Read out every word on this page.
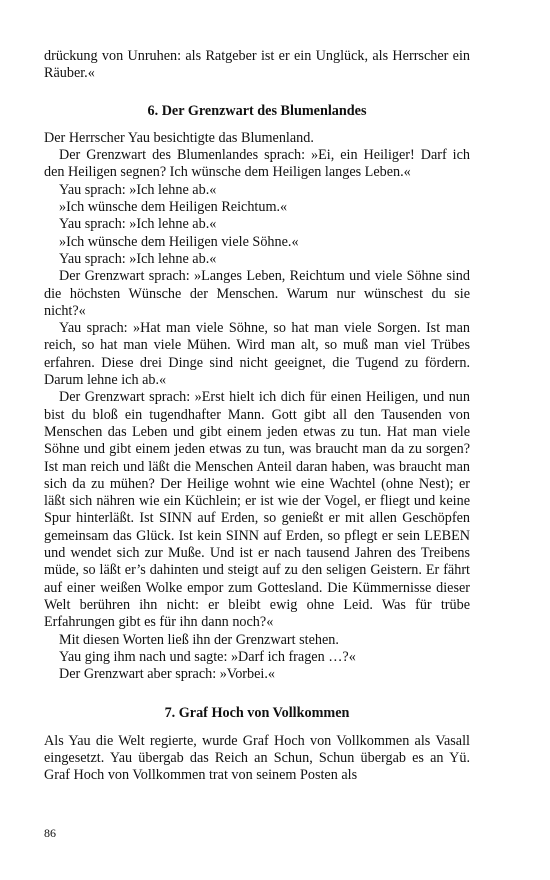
drückung von Unruhen: als Ratgeber ist er ein Unglück, als Herrscher ein Räuber.«

6. Der Grenzwart des Blumenlandes

Der Herrscher Yau besichtigte das Blumenland.

Der Grenzwart des Blumenlandes sprach: »Ei, ein Heiliger! Darf ich den Heiligen segnen? Ich wünsche dem Heiligen langes Leben.«

Yau sprach: »Ich lehne ab.«

»Ich wünsche dem Heiligen Reichtum.«

Yau sprach: »Ich lehne ab.«

»Ich wünsche dem Heiligen viele Söhne.«

Yau sprach: »Ich lehne ab.«

Der Grenzwart sprach: »Langes Leben, Reichtum und viele Söhne sind die höchsten Wünsche der Menschen. Warum nur wünschest du sie nicht?«

Yau sprach: »Hat man viele Söhne, so hat man viele Sorgen. Ist man reich, so hat man viele Mühen. Wird man alt, so muß man viel Trübes erfahren. Diese drei Dinge sind nicht geeignet, die Tugend zu fördern. Darum lehne ich ab.«

Der Grenzwart sprach: »Erst hielt ich dich für einen Heiligen, und nun bist du bloß ein tugendhafter Mann. Gott gibt all den Tausenden von Menschen das Leben und gibt einem jeden etwas zu tun. Hat man viele Söhne und gibt einem jeden etwas zu tun, was braucht man da zu sorgen? Ist man reich und läßt die Menschen Anteil daran haben, was braucht man sich da zu mühen? Der Heilige wohnt wie eine Wachtel (ohne Nest); er läßt sich nähren wie ein Küchlein; er ist wie der Vogel, er fliegt und keine Spur hinterläßt. Ist SINN auf Erden, so genießt er mit allen Geschöpfen gemeinsam das Glück. Ist kein SINN auf Erden, so pflegt er sein LEBEN und wendet sich zur Muße. Und ist er nach tausend Jahren des Treibens müde, so läßt er’s dahinten und steigt auf zu den seligen Geistern. Er fährt auf einer weißen Wolke empor zum Gottesland. Die Kümmernisse dieser Welt berühren ihn nicht: er bleibt ewig ohne Leid. Was für trübe Erfahrungen gibt es für ihn dann noch?«

Mit diesen Worten ließ ihn der Grenzwart stehen.

Yau ging ihm nach und sagte: »Darf ich fragen …?«

Der Grenzwart aber sprach: »Vorbei.«

7. Graf Hoch von Vollkommen

Als Yau die Welt regierte, wurde Graf Hoch von Vollkommen als Vasall eingesetzt. Yau übergab das Reich an Schun, Schun übergab es an Yü. Graf Hoch von Vollkommen trat von seinem Posten als

86
